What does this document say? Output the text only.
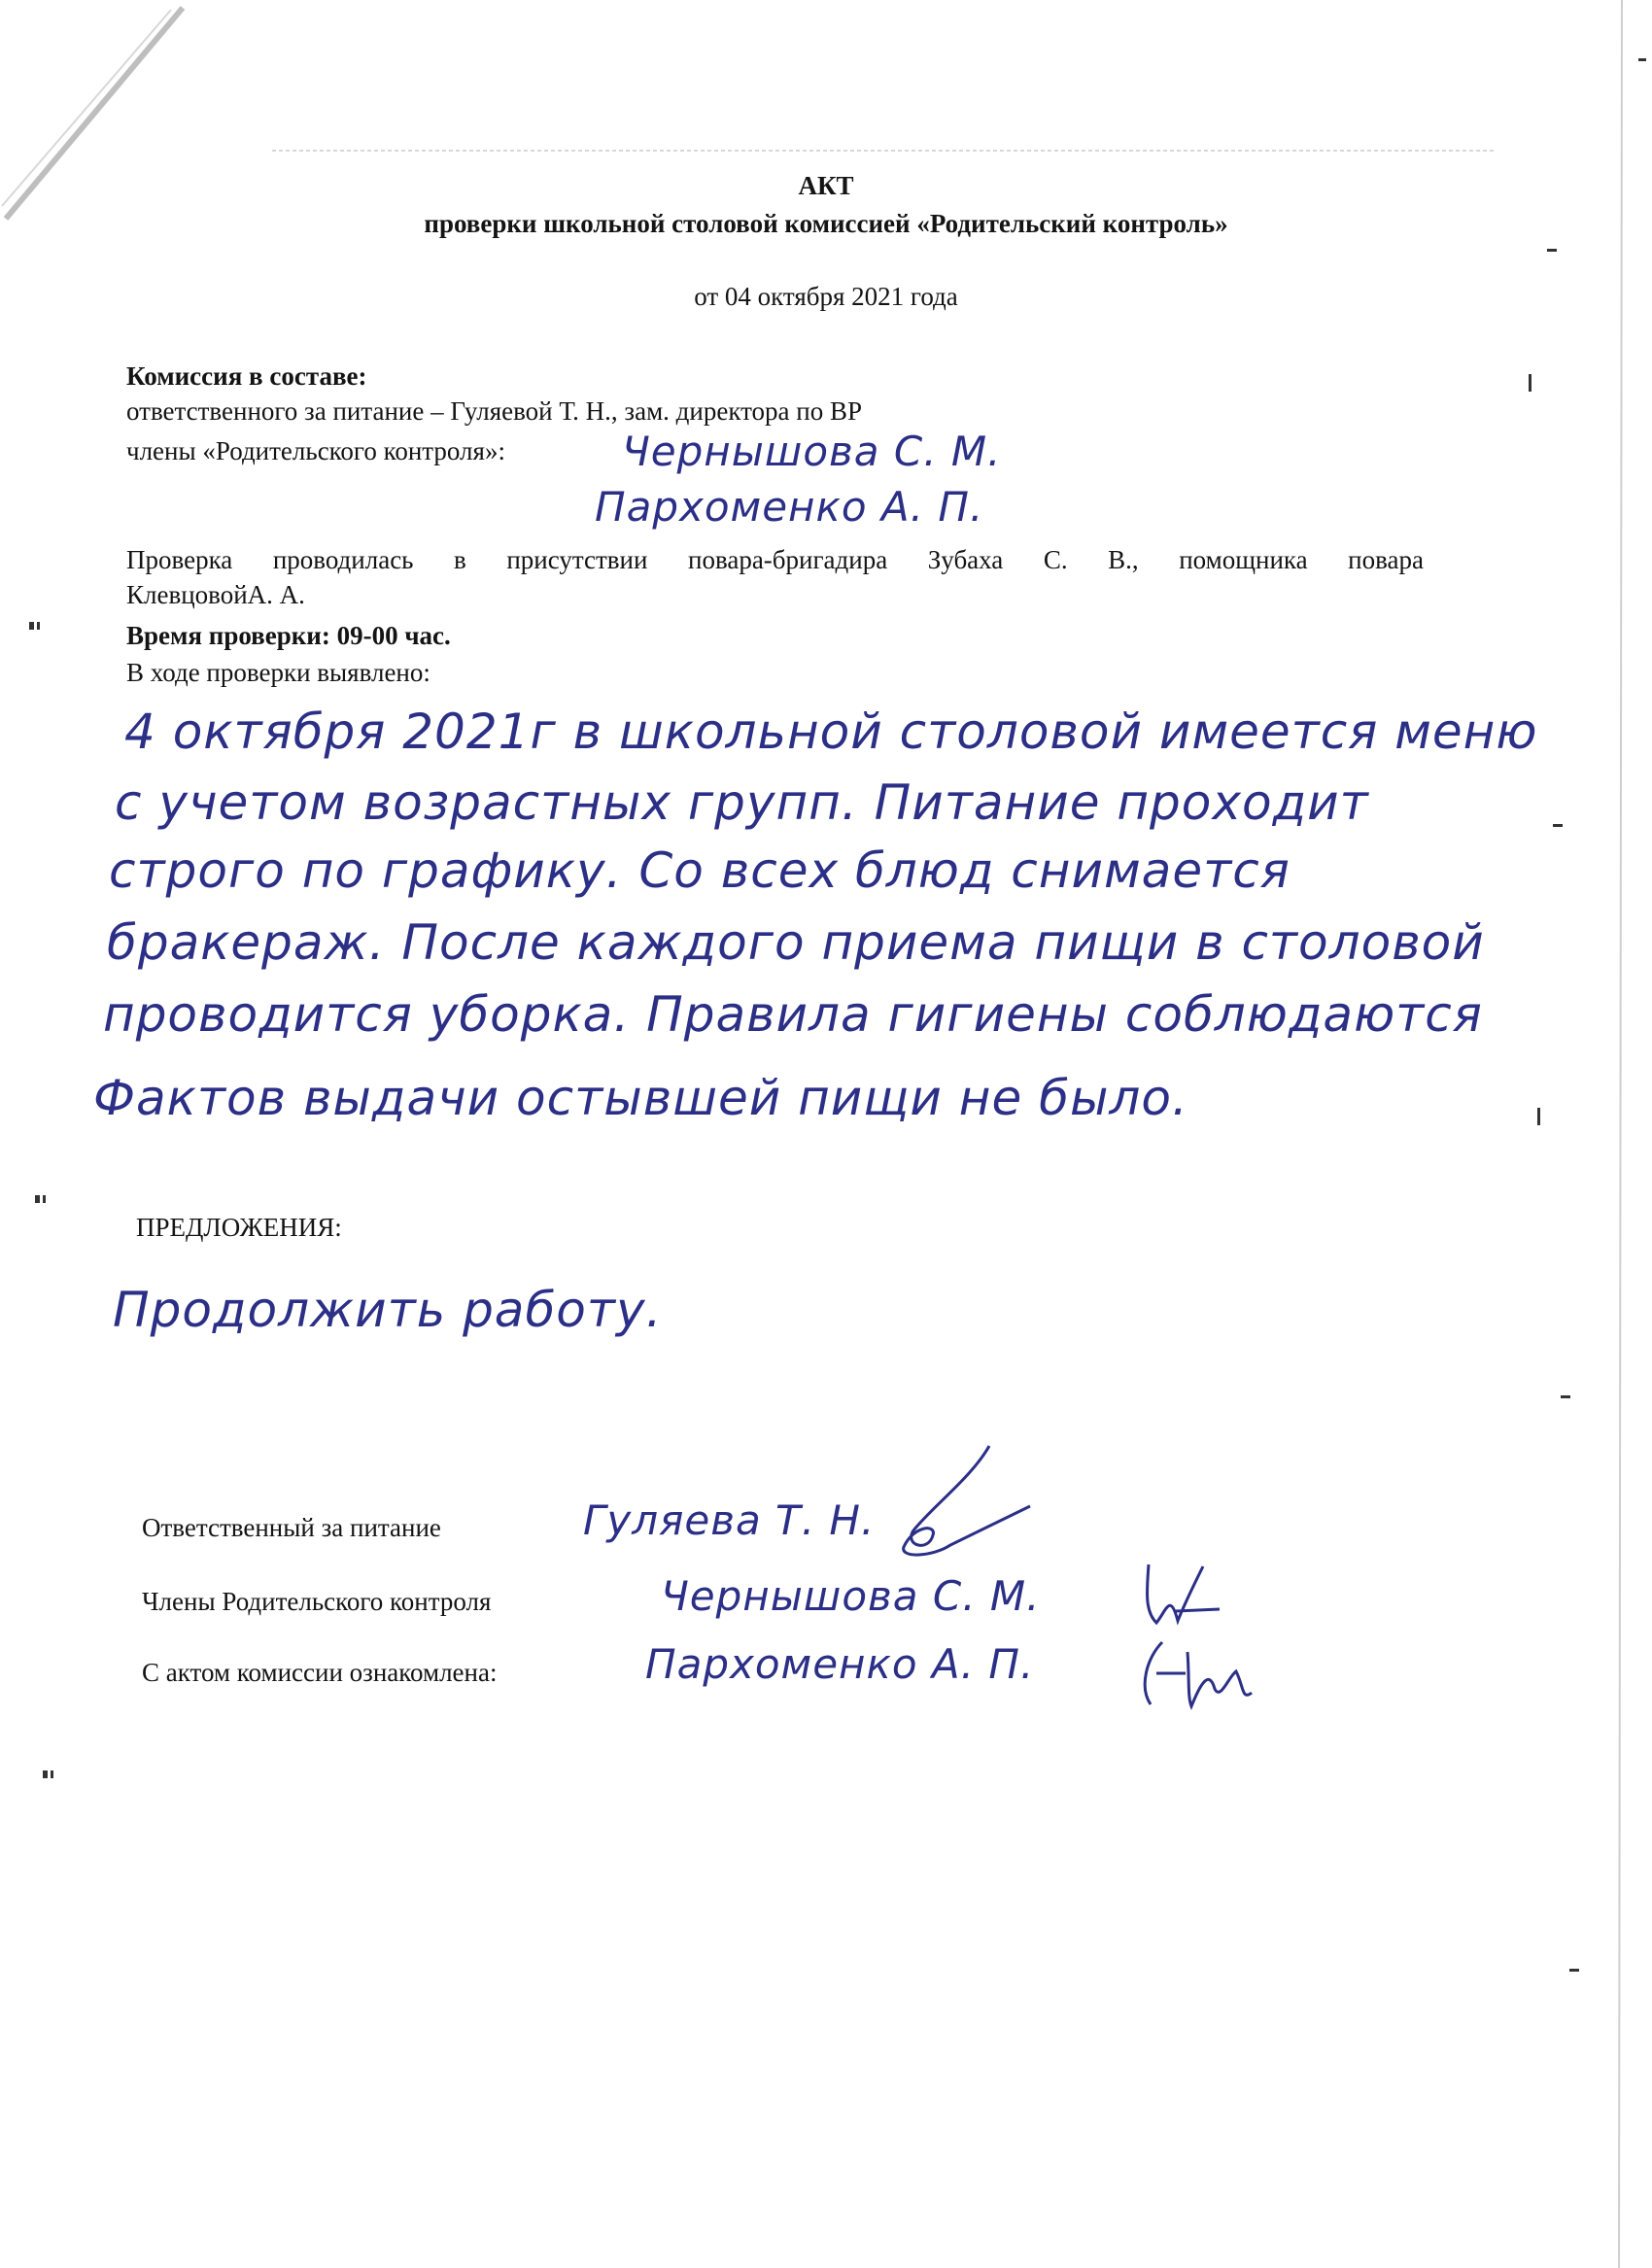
АКТ

проверки школьной столовой комиссией «Родительский контроль»

от 04 октября 2021 года

Комиссия в составе:

ответственного за питание – Гуляевой Т. Н., зам. директора по ВР

члены «Родительского контроля»:	Чернышова С. М.

Пархоменко А. П.

Проверка проводилась в присутствии повара-бригадира Зубаха С. В., помощника повара

КлевцовойА. А.

Время проверки: 09-00 час.

В ходе проверки выявлено:

4 октября 2021г в школьной столовой имеется меню

с учетом возрастных групп. Питание проходит

строго по графику. Со всех блюд снимается

бракераж. После каждого приема пищи в столовой

проводится уборка. Правила гигиены соблюдаются

Фактов выдачи остывшей пищи не было.

ПРЕДЛОЖЕНИЯ:

Продолжить работу.

Ответственный за питание	Гуляева Т. Н.

Члены Родительского контроля	Чернышова С. М.

С актом комиссии ознакомлена:	Пархоменко А. П.
